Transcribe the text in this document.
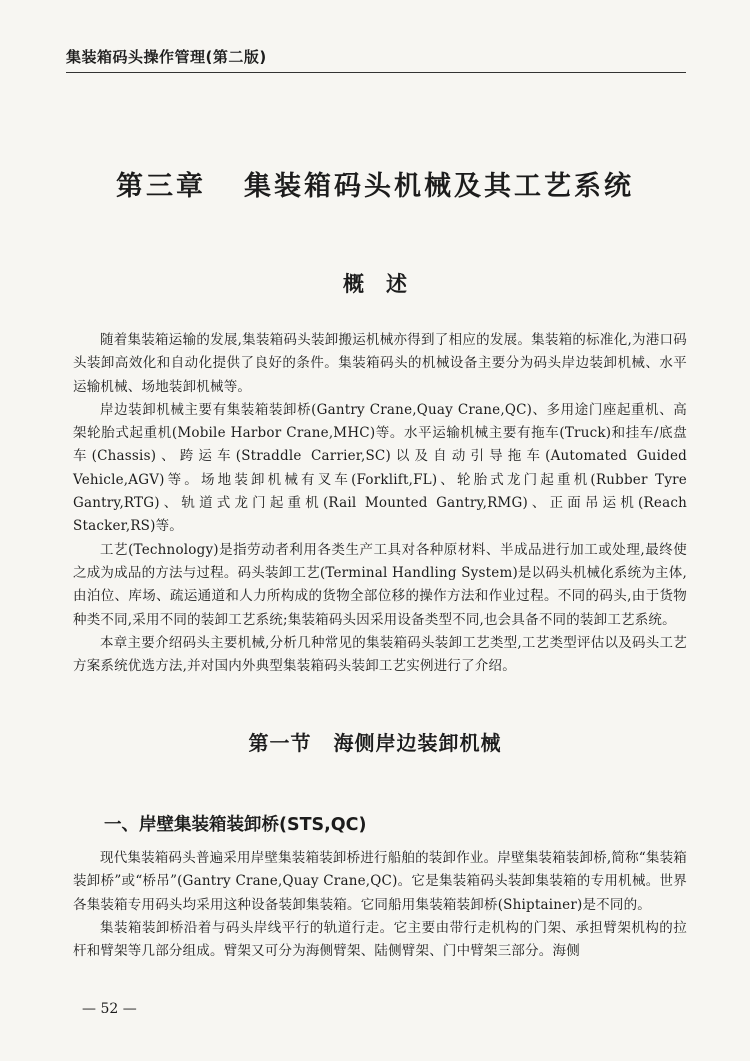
集装箱码头操作管理(第二版)
第三章 集装箱码头机械及其工艺系统
概述

随着集装箱运输的发展,集装箱码头装卸搬运机械亦得到了相应的发展。集装箱的标准化,为港口码头装卸高效化和自动化提供了良好的条件。集装箱码头的机械设备主要分为码头岸边装卸机械、水平运输机械、场地装卸机械等。

岸边装卸机械主要有集装箱装卸桥(Gantry Crane,Quay Crane,QC)、多用途门座起重机、高架轮胎式起重机(Mobile Harbor Crane,MHC)等。水平运输机械主要有拖车(Truck)和挂车/底盘车(Chassis)、跨运车(Straddle Carrier,SC)以及自动引导拖车(Automated Guided Vehicle,AGV)等。场地装卸机械有叉车(Forklift,FL)、轮胎式龙门起重机(Rubber Tyre Gantry,RTG)、轨道式龙门起重机(Rail Mounted Gantry,RMG)、正面吊运机(Reach Stacker,RS)等。

工艺(Technology)是指劳动者利用各类生产工具对各种原材料、半成品进行加工或处理,最终使之成为成品的方法与过程。码头装卸工艺(Terminal Handling System)是以码头机械化系统为主体,由泊位、库场、疏运通道和人力所构成的货物全部位移的操作方法和作业过程。不同的码头,由于货物种类不同,采用不同的装卸工艺系统;集装箱码头因采用设备类型不同,也会具备不同的装卸工艺系统。

本章主要介绍码头主要机械,分析几种常见的集装箱码头装卸工艺类型,工艺类型评估以及码头工艺方案系统优选方法,并对国内外典型集装箱码头装卸工艺实例进行了介绍。

第一节 海侧岸边装卸机械
一、岸壁集装箱装卸桥(STS,QC)

现代集装箱码头普遍采用岸壁集装箱装卸桥进行船舶的装卸作业。岸壁集装箱装卸桥,简称“集装箱装卸桥”或“桥吊”(Gantry Crane,Quay Crane,QC)。它是集装箱码头装卸集装箱的专用机械。世界各集装箱专用码头均采用这种设备装卸集装箱。它同船用集装箱装卸桥(Shiptainer)是不同的。

集装箱装卸桥沿着与码头岸线平行的轨道行走。它主要由带行走机构的门架、承担臂架机构的拉杆和臂架等几部分组成。臂架又可分为海侧臂架、陆侧臂架、门中臂架三部分。海侧

— 52 —
